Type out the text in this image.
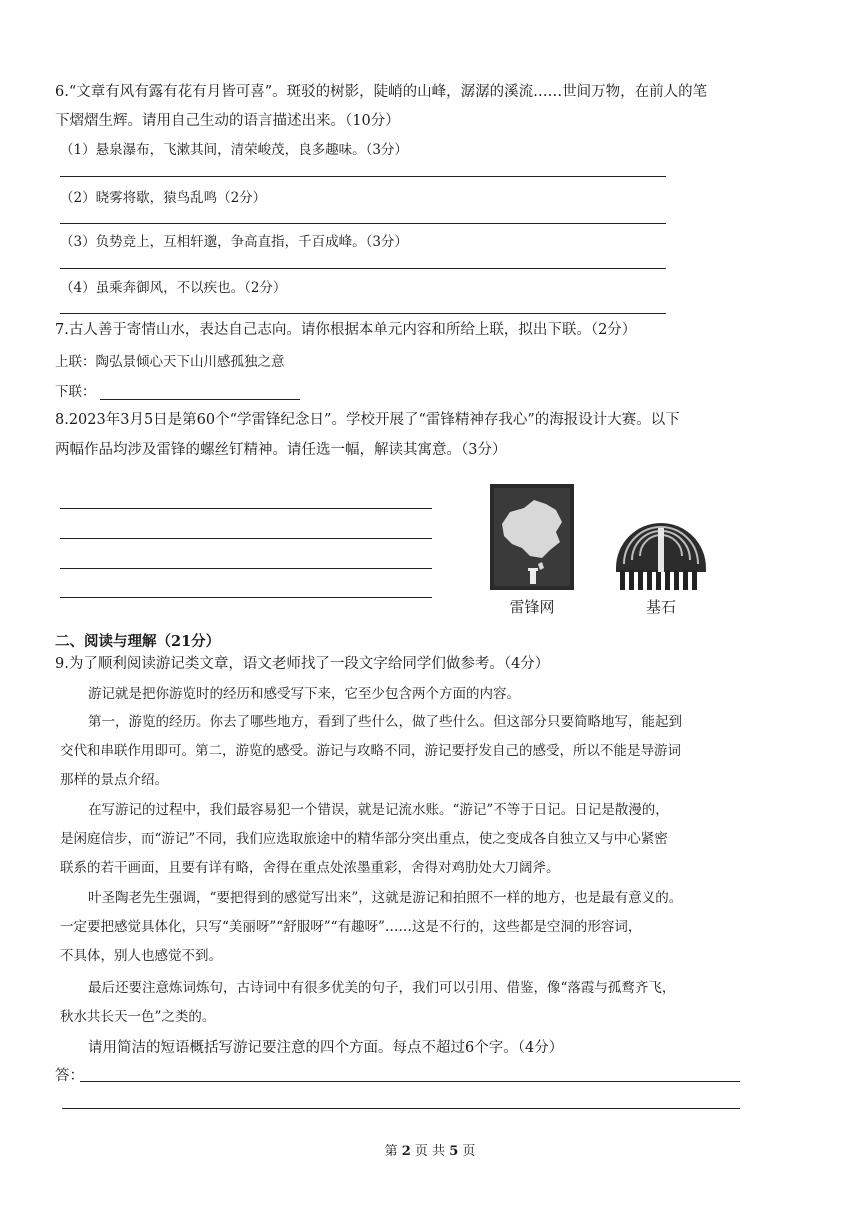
6.“文章有风有露有花有月皆可喜”。斑驳的树影，陡峭的山峰，潺潺的溪流……世间万物，在前人的笔
下熠熠生辉。请用自己生动的语言描述出来。（10分）
（1）悬泉瀑布，飞漱其间，清荣峻茂，良多趣味。（3分）
（2）晓雾将歇，猿鸟乱鸣（2分）
（3）负势竞上，互相轩邈，争高直指，千百成峰。（3分）
（4）虽乘奔御风，不以疾也。（2分）
7.古人善于寄情山水，表达自己志向。请你根据本单元内容和所给上联，拟出下联。（2分）
上联：陶弘景倾心天下山川感孤独之意
下联：
8.2023年3月5日是第60个“学雷锋纪念日”。学校开展了“雷锋精神存我心”的海报设计大赛。以下
两幅作品均涉及雷锋的螺丝钉精神。请任选一幅，解读其寓意。（3分）
雷锋网	基石
二、阅读与理解（21分）
9.为了顺利阅读游记类文章，语文老师找了一段文字给同学们做参考。（4分）
游记就是把你游览时的经历和感受写下来，它至少包含两个方面的内容。
第一，游览的经历。你去了哪些地方，看到了些什么，做了些什么。但这部分只要简略地写，能起到
交代和串联作用即可。第二，游览的感受。游记与攻略不同，游记要抒发自己的感受，所以不能是导游词
那样的景点介绍。
在写游记的过程中，我们最容易犯一个错误，就是记流水账。“游记”不等于日记。日记是散漫的，
是闲庭信步，而“游记”不同，我们应选取旅途中的精华部分突出重点，使之变成各自独立又与中心紧密
联系的若干画面，且要有详有略，舍得在重点处浓墨重彩，舍得对鸡肋处大刀阔斧。
叶圣陶老先生强调，“要把得到的感觉写出来”，这就是游记和拍照不一样的地方，也是最有意义的。
一定要把感觉具体化，只写“美丽呀”“舒服呀”“有趣呀”……这是不行的，这些都是空洞的形容词，
不具体，别人也感觉不到。
最后还要注意炼词炼句，古诗词中有很多优美的句子，我们可以引用、借鉴，像“落霞与孤鹜齐飞，
秋水共长天一色”之类的。
请用简洁的短语概括写游记要注意的四个方面。每点不超过6个字。（4分）
答：
第 2 页 共 5 页
